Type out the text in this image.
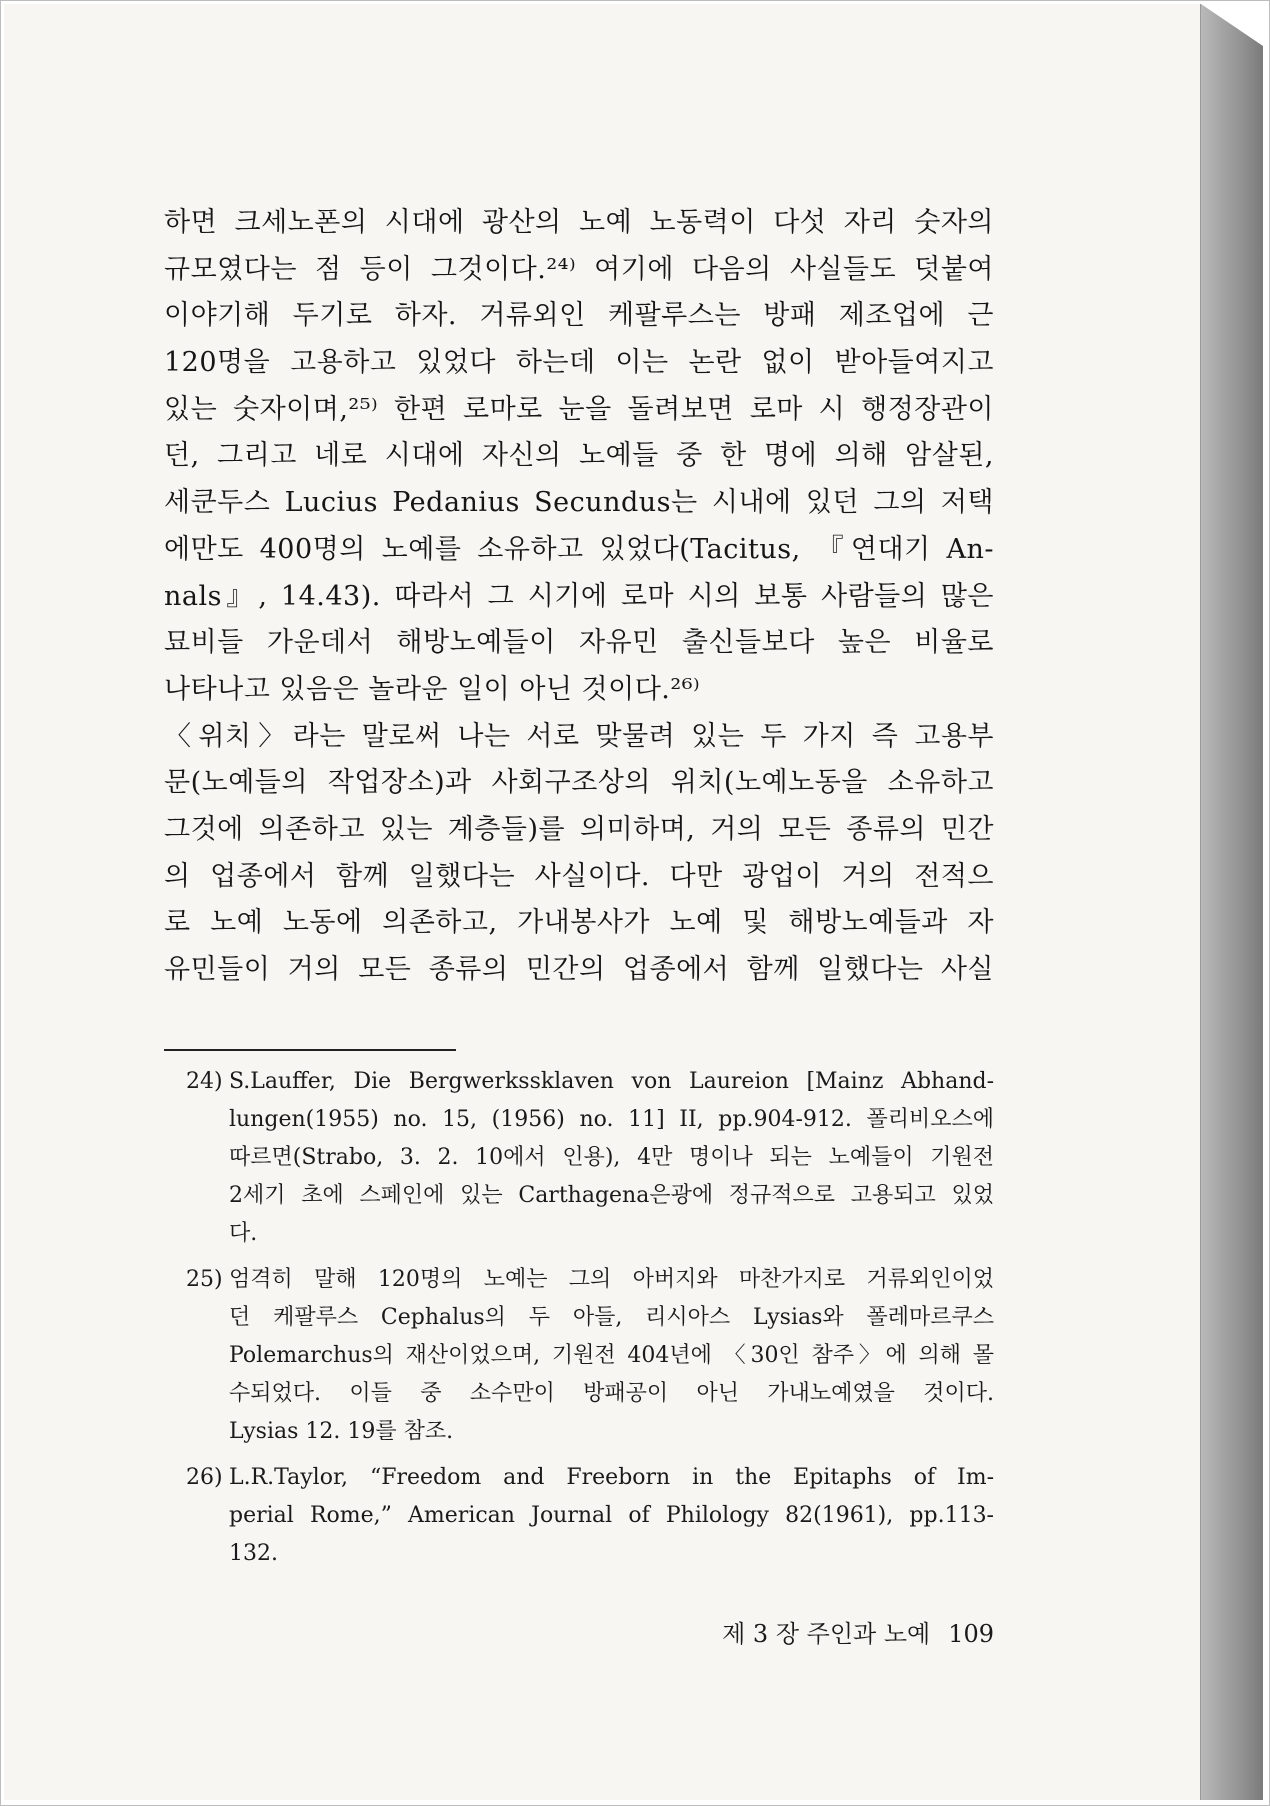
하면 크세노폰의 시대에 광산의 노예 노동력이 다섯 자리 숫자의
규모였다는 점 등이 그것이다.²⁴⁾ 여기에 다음의 사실들도 덧붙여
이야기해 두기로 하자. 거류외인 케팔루스는 방패 제조업에 근
120명을 고용하고 있었다 하는데 이는 논란 없이 받아들여지고
있는 숫자이며,²⁵⁾ 한편 로마로 눈을 돌려보면 로마 시 행정장관이
던, 그리고 네로 시대에 자신의 노예들 중 한 명에 의해 암살된,
세쿤두스 Lucius Pedanius Secundus는 시내에 있던 그의 저택
에만도 400명의 노예를 소유하고 있었다(Tacitus, 『연대기 An-
nals』, 14.43). 따라서 그 시기에 로마 시의 보통 사람들의 많은
묘비들 가운데서 해방노예들이 자유민 출신들보다 높은 비율로
나타나고 있음은 놀라운 일이 아닌 것이다.²⁶⁾
〈위치〉라는 말로써 나는 서로 맞물려 있는 두 가지 즉 고용부
문(노예들의 작업장소)과 사회구조상의 위치(노예노동을 소유하고
그것에 의존하고 있는 계층들)를 의미하며, 거의 모든 종류의 민간
의 업종에서 함께 일했다는 사실이다. 다만 광업이 거의 전적으
로 노예 노동에 의존하고, 가내봉사가 노예 및 해방노예들과 자
유민들이 거의 모든 종류의 민간의 업종에서 함께 일했다는 사실
24) S.Lauffer, Die Bergwerkssklaven von Laureion [Mainz Abhand-
lungen(1955) no. 15, (1956) no. 11] II, pp.904-912. 폴리비오스에
따르면(Strabo, 3. 2. 10에서 인용), 4만 명이나 되는 노예들이 기원전
2세기 초에 스페인에 있는 Carthagena은광에 정규적으로 고용되고 있었
다.
25) 엄격히 말해 120명의 노예는 그의 아버지와 마찬가지로 거류외인이었
던 케팔루스 Cephalus의 두 아들, 리시아스 Lysias와 폴레마르쿠스
Polemarchus의 재산이었으며, 기원전 404년에 〈30인 참주〉에 의해 몰
수되었다. 이들 중 소수만이 방패공이 아닌 가내노예였을 것이다.
Lysias 12. 19를 참조.
26) L.R.Taylor, “Freedom and Freeborn in the Epitaphs of Im-
perial Rome,” American Journal of Philology 82(1961), pp.113-
132.
제 3 장 주인과 노예 109
